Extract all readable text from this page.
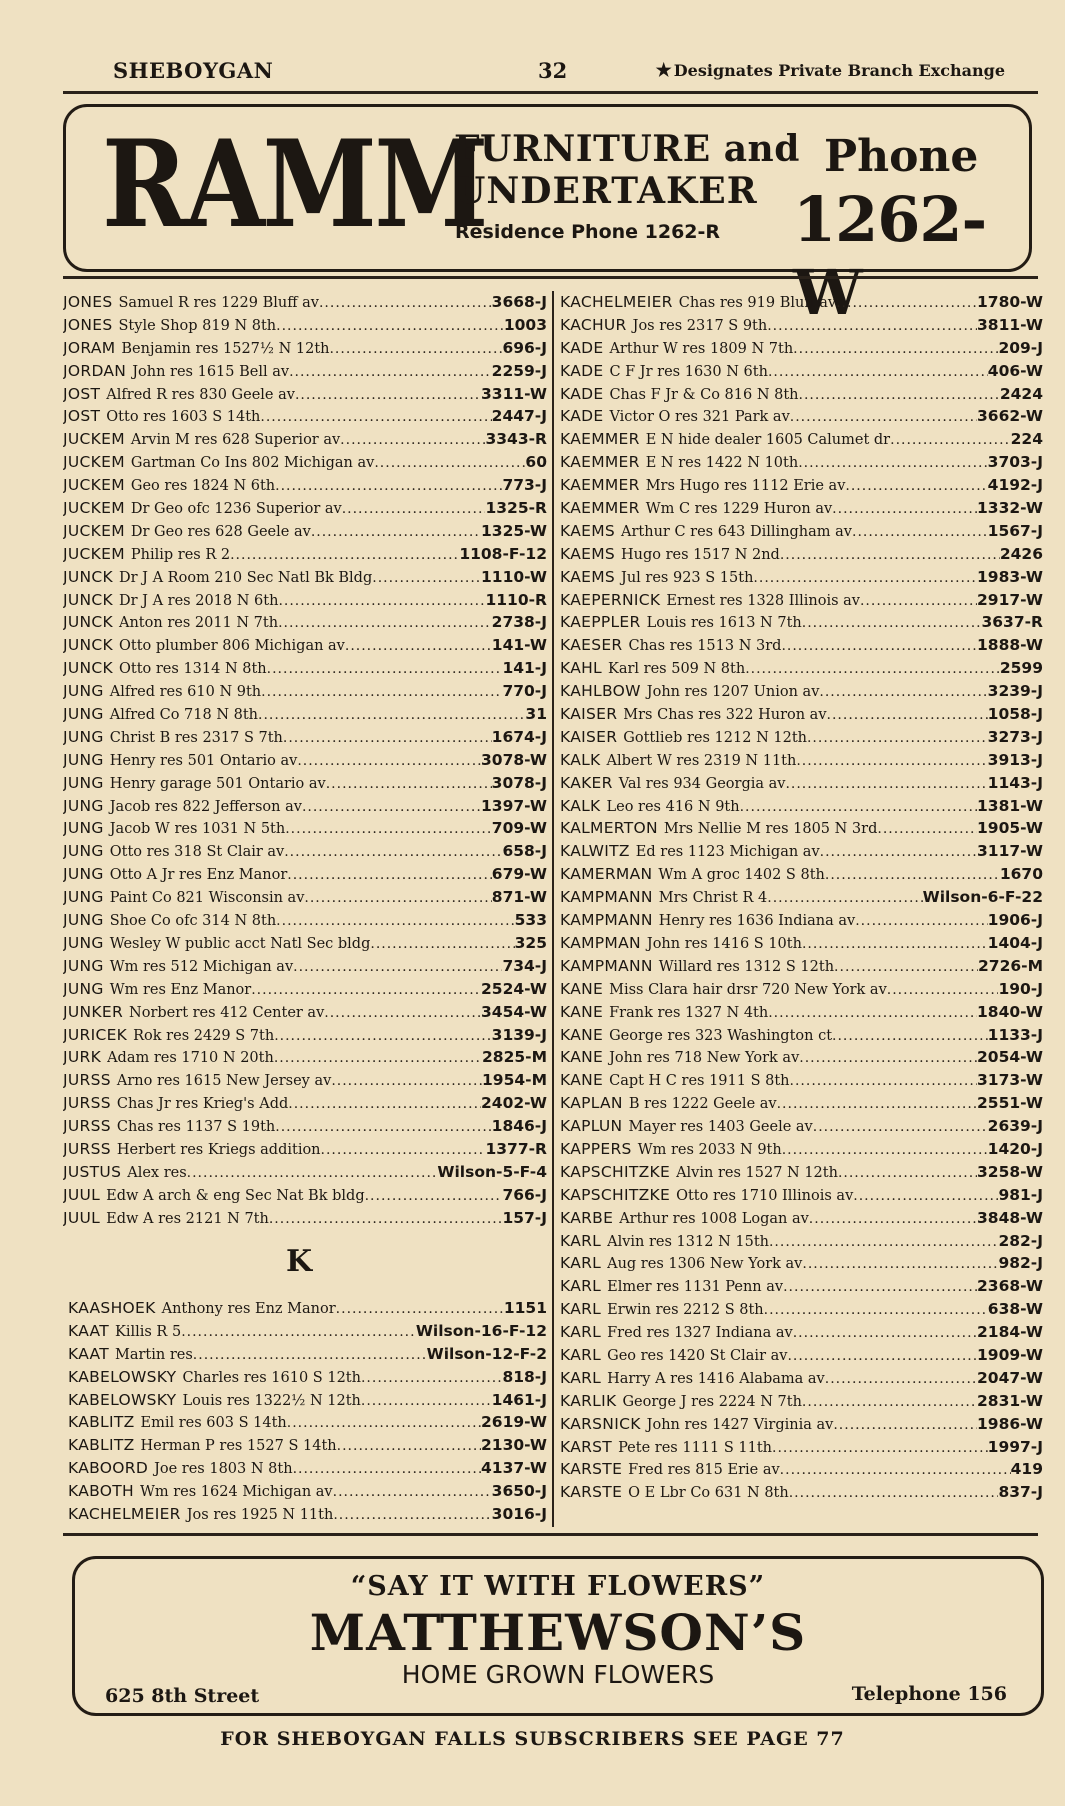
SHEBOYGAN	32	★ Designates Private Branch Exchange
RAMM
FURNITURE and
UNDERTAKER
Residence Phone 1262-R
Phone
1262-W
JONES Samuel R res 1229 Bluff av .....	3668-J
JONES Style Shop 819 N 8th .....	1003
JORAM Benjamin res 1527½ N 12th .....	696-J
JORDAN John res 1615 Bell av .....	2259-J
JOST Alfred R res 830 Geele av .....	3311-W
JOST Otto res 1603 S 14th .....	2447-J
JUCKEM Arvin M res 628 Superior av .....	3343-R
JUCKEM Gartman Co Ins 802 Michigan av .....	60
JUCKEM Geo res 1824 N 6th .....	773-J
JUCKEM Dr Geo ofc 1236 Superior av .....	1325-R
JUCKEM Dr Geo res 628 Geele av .....	1325-W
JUCKEM Philip res R 2 .....	1108-F-12
JUNCK Dr J A Room 210 Sec Natl Bk Bldg .....	1110-W
JUNCK Dr J A res 2018 N 6th .....	1110-R
JUNCK Anton res 2011 N 7th .....	2738-J
JUNCK Otto plumber 806 Michigan av .....	141-W
JUNCK Otto res 1314 N 8th .....	141-J
JUNG Alfred res 610 N 9th .....	770-J
JUNG Alfred Co 718 N 8th .....	31
JUNG Christ B res 2317 S 7th .....	1674-J
JUNG Henry res 501 Ontario av .....	3078-W
JUNG Henry garage 501 Ontario av .....	3078-J
JUNG Jacob res 822 Jefferson av .....	1397-W
JUNG Jacob W res 1031 N 5th .....	709-W
JUNG Otto res 318 St Clair av .....	658-J
JUNG Otto A Jr res Enz Manor .....	679-W
JUNG Paint Co 821 Wisconsin av .....	871-W
JUNG Shoe Co ofc 314 N 8th .....	533
JUNG Wesley W public acct Natl Sec bldg .....	325
JUNG Wm res 512 Michigan av .....	734-J
JUNG Wm res Enz Manor .....	2524-W
JUNKER Norbert res 412 Center av .....	3454-W
JURICEK Rok res 2429 S 7th .....	3139-J
JURK Adam res 1710 N 20th .....	2825-M
JURSS Arno res 1615 New Jersey av .....	1954-M
JURSS Chas Jr res Krieg's Add .....	2402-W
JURSS Chas res 1137 S 19th .....	1846-J
JURSS Herbert res Kriegs addition .....	1377-R
JUSTUS Alex res .....	Wilson-5-F-4
JUUL Edw A arch & eng Sec Nat Bk bldg .....	766-J
JUUL Edw A res 2121 N 7th .....	157-J
KACHELMEIER Chas res 919 Bluff av .....	1780-W
KACHUR Jos res 2317 S 9th .....	3811-W
KADE Arthur W res 1809 N 7th .....	209-J
KADE C F Jr res 1630 N 6th .....	406-W
KADE Chas F Jr & Co 816 N 8th .....	2424
KADE Victor O res 321 Park av .....	3662-W
KAEMMER E N hide dealer 1605 Calumet dr .....	224
KAEMMER E N res 1422 N 10th .....	3703-J
KAEMMER Mrs Hugo res 1112 Erie av .....	4192-J
KAEMMER Wm C res 1229 Huron av .....	1332-W
KAEMS Arthur C res 643 Dillingham av .....	1567-J
KAEMS Hugo res 1517 N 2nd .....	2426
KAEMS Jul res 923 S 15th .....	1983-W
KAEPERNICK Ernest res 1328 Illinois av .....	2917-W
KAEPPLER Louis res 1613 N 7th .....	3637-R
KAESER Chas res 1513 N 3rd .....	1888-W
KAHL Karl res 509 N 8th .....	2599
KAHLBOW John res 1207 Union av .....	3239-J
KAISER Mrs Chas res 322 Huron av .....	1058-J
KAISER Gottlieb res 1212 N 12th .....	3273-J
KALK Albert W res 2319 N 11th .....	3913-J
KAKER Val res 934 Georgia av .....	1143-J
KALK Leo res 416 N 9th .....	1381-W
KALMERTON Mrs Nellie M res 1805 N 3rd .....	1905-W
KALWITZ Ed res 1123 Michigan av .....	3117-W
KAMERMAN Wm A groc 1402 S 8th .....	1670
KAMPMANN Mrs Christ R 4 .....	Wilson-6-F-22
KAMPMANN Henry res 1636 Indiana av .....	1906-J
KAMPMAN John res 1416 S 10th .....	1404-J
KAMPMANN Willard res 1312 S 12th .....	2726-M
KANE Miss Clara hair drsr 720 New York av .....	190-J
KANE Frank res 1327 N 4th .....	1840-W
KANE George res 323 Washington ct .....	1133-J
KANE John res 718 New York av .....	2054-W
KANE Capt H C res 1911 S 8th .....	3173-W
KAPLAN B res 1222 Geele av .....	2551-W
KAPLUN Mayer res 1403 Geele av .....	2639-J
KAPPERS Wm res 2033 N 9th .....	1420-J
KAPSCHITZKE Alvin res 1527 N 12th .....	3258-W
KAPSCHITZKE Otto res 1710 Illinois av .....	981-J
KARBE Arthur res 1008 Logan av .....	3848-W
KARL Alvin res 1312 N 15th .....	282-J
KARL Aug res 1306 New York av .....	982-J
KARL Elmer res 1131 Penn av .....	2368-W
KARL Erwin res 2212 S 8th .....	638-W
KARL Fred res 1327 Indiana av .....	2184-W
KARL Geo res 1420 St Clair av .....	1909-W
KARL Harry A res 1416 Alabama av .....	2047-W
KARLIK George J res 2224 N 7th .....	2831-W
KARSNICK John res 1427 Virginia av .....	1986-W
KARST Pete res 1111 S 11th .....	1997-J
KARSTE Fred res 815 Erie av .....	419
KARSTE O E Lbr Co 631 N 8th .....	837-J
K
KAASHOEK Anthony res Enz Manor .....	1151
KAAT Killis R 5 .....	Wilson-16-F-12
KAAT Martin res .....	Wilson-12-F-2
KABELOWSKY Charles res 1610 S 12th .....	818-J
KABELOWSKY Louis res 1322½ N 12th .....	1461-J
KABLITZ Emil res 603 S 14th .....	2619-W
KABLITZ Herman P res 1527 S 14th .....	2130-W
KABOORD Joe res 1803 N 8th .....	4137-W
KABOTH Wm res 1624 Michigan av .....	3650-J
KACHELMEIER Jos res 1925 N 11th .....	3016-J
“SAY IT WITH FLOWERS”
MATTHEWSON’S
HOME GROWN FLOWERS
625 8th Street	Telephone 156
FOR SHEBOYGAN FALLS SUBSCRIBERS SEE PAGE 77
